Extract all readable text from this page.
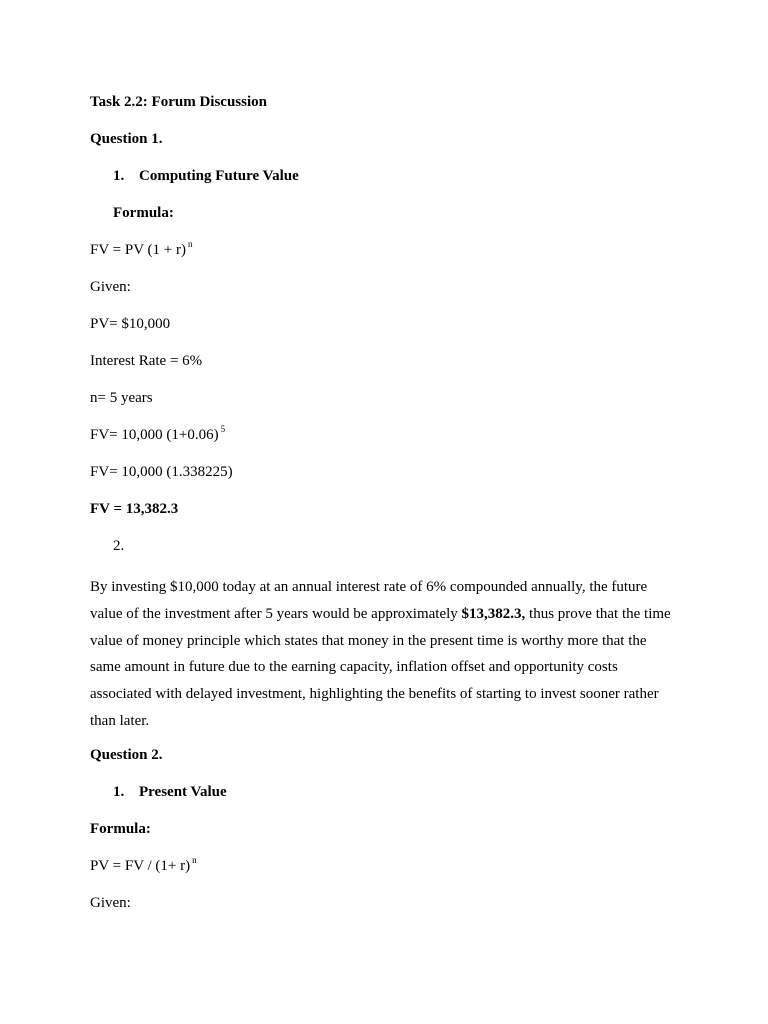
Task 2.2: Forum Discussion
Question 1.
1. Computing Future Value
Formula:
FV = PV (1 + r) $^n$
Given:
PV= $10,000
Interest Rate = 6%
n= 5 years
FV= 10,000 (1+0.06) $^5$
FV= 10,000 (1.338225)
FV = 13,382.3
2.
By investing $10,000 today at an annual interest rate of 6% compounded annually, the future value of the investment after 5 years would be approximately $13,382.3, thus prove that the time value of money principle which states that money in the present time is worthy more that the same amount in future due to the earning capacity, inflation offset and opportunity costs associated with delayed investment, highlighting the benefits of starting to invest sooner rather than later.
Question 2.
1. Present Value
Formula:
PV = FV / (1+ r) $^n$
Given:
